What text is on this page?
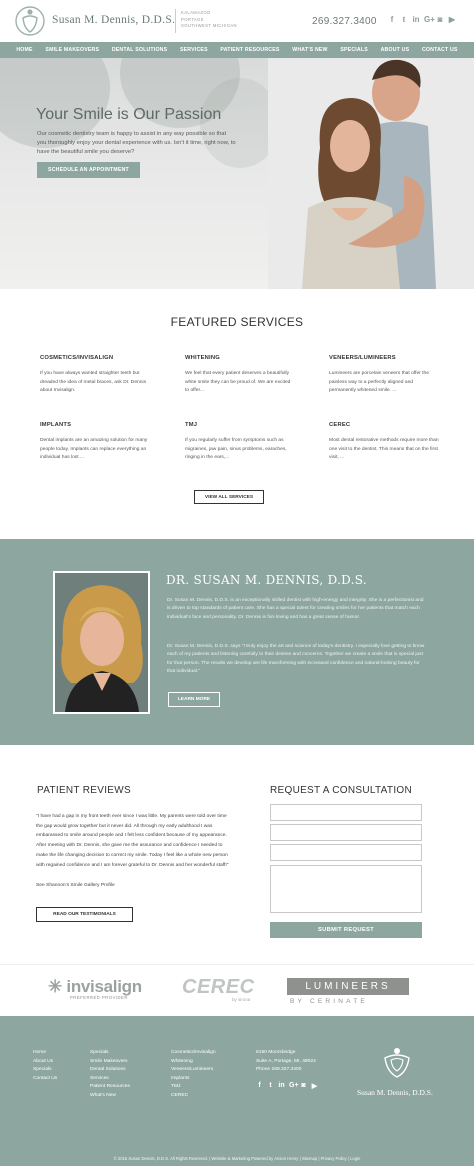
Susan M. Dennis, D.D.S.
KALAMAZOO
PORTAGE
SOUTHWEST MICHIGAN	269.327.3400	f	t in G+ ◙ ▶
HOME SMILE MAKEOVERS DENTAL SOLUTIONS SERVICES PATIENT RESOURCES WHAT'S NEW SPECIALS ABOUT US CONTACT US
Your Smile is Our Passion
Our cosmetic dentistry team is happy to assist in any way possible so that you thoroughly enjoy your dental experience with us. Isn't it time, right now, to have the beautiful smile you deserve?
SCHEDULE AN APPOINTMENT
FEATURED SERVICES
COSMETICS/INVISALIGN

If you have always wanted straighter teeth but dreaded the idea of metal braces, ask Dr. Dennis about Invisalign.

WHITENING

We feel that every patient deserves a beautifully white smile they can be proud of. We are excited to offer...

VENEERS/LUMINEERS

Lumineers are porcelain veneers that offer the painless way to a perfectly aligned and permanently whitened smile. ...

IMPLANTS

Dental implants are an amazing solution for many people today. Implants can replace everything an individual has lost ...

TMJ

If you regularly suffer from symptoms such as migraines, jaw pain, sinus problems, earaches, ringing in the ears,...

CEREC

Most dental restorative methods require more than one visit to the dentist. This means that on the first visit, ...

VIEW ALL SERVICES
DR. SUSAN M. DENNIS, D.D.S.
Dr. Susan M. Dennis, D.D.S. is an exceptionally skilled dentist with high-energy and integrity. She is a perfectionist and is driven to top standards of patient care. She has a special talent for creating smiles for her patients that match each individual's face and personality. Dr. Dennis is fun-loving and has a great sense of humor.
Dr. Susan M. Dennis, D.D.S. says "I truly enjoy the art and science of today's dentistry. I especially love getting to know each of my patients and listening carefully to their desires and concerns. Together we create a smile that is special just for that person. The results we develop are life transforming with increased confidence and natural-looking beauty for that individual."
LEARN MORE
PATIENT REVIEWS
"I have had a gap in my front teeth ever since I was little. My parents were told over time the gap would grow together but it never did. All through my early adulthood I was embarassed to smile around people and I felt less confident because of my appearance. After meeting with Dr. Dennis, she gave me the assurance and confidence I needed to make the life changing decision to correct my smile. Today I feel like a whole new person with regained confidence and I am forever grateful to Dr. Dennis and her wonderful staff!"
See Shannon's Smile Gallery Profile
READ OUR TESTIMONIALS
REQUEST A CONSULTATION
SUBMIT REQUEST
✳ invisalign
PREFERRED PROVIDER	CEREC
by sirona
LUMINEERS
BY CERINATE
Home
About Us
Specials
Contact Us
Specials
Smile Makeovers
Dental Solutions
Services
Patient Resources
What's New
Cosmetics/Invisalign
Whitening
Veneers/Lumineers
Implants
TMJ
CEREC
8150 Moorsbridge
Suite A, Portage, MI, 49024
Phone 269.327.3400
f	t in G+ ◙ ▶
Susan M. Dennis, D.D.S.
© 2015 Susan Dennis, D.D.S. All Rights Reserved. | Website & Marketing Powered by Anson Henry | Sitemap | Privacy Policy | Login
